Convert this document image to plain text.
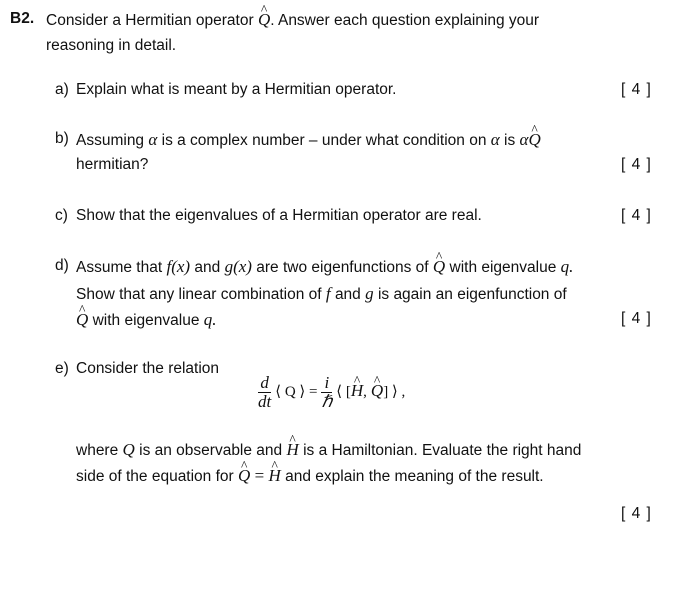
B2. Consider a Hermitian operator ^ Q. Answer each question explaining your
reasoning in detail.
a) Explain what is meant by a Hermitian operator.	[ 4 ]
b) Assuming α is a complex number – under what condition on α is α^ Q
hermitian?	[ 4 ]
c) Show that the eigenvalues of a Hermitian operator are real.	[ 4 ]
d) Assume that f(x) and g(x) are two eigenfunctions of ^ Q with eigenvalue q.
Show that any linear combination of f and g is again an eigenfunction of
^ Q with eigenvalue q.	[ 4 ]
e) Consider the relation
$\frac{d}{dt}$ ⟨ Q ⟩ = $\frac{i}{\text{ℏ}}$ ⟨ [^ H, ^ Q] ⟩ ,
where Q is an observable and ^ H is a Hamiltonian. Evaluate the right hand
side of the equation for ^ Q = ^ H and explain the meaning of the result.
[ 4 ]
